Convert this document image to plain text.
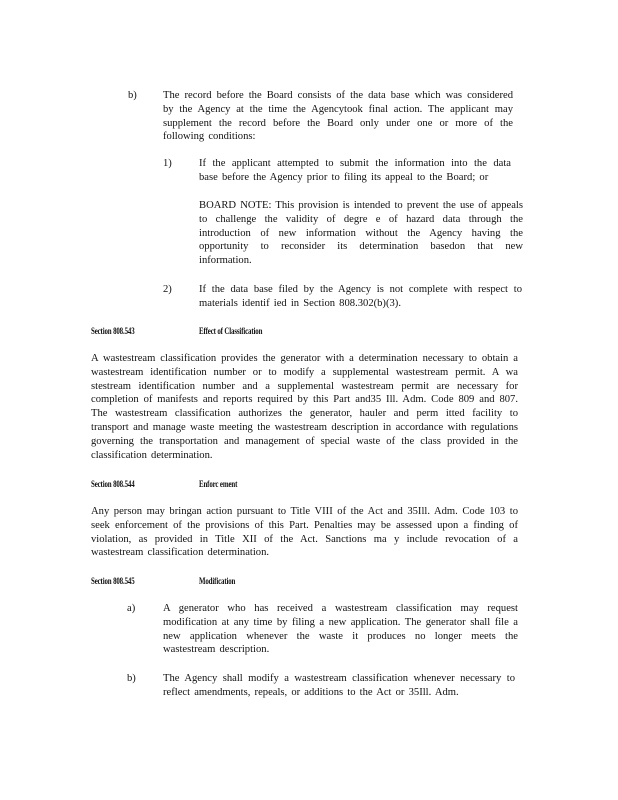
b) The record before the Board consists of the data base which was considered by the Agency at the time the Agencytook final action. The applicant may supplement the record before the Board only under one or more of the following conditions:

1)	If the applicant attempted to submit the information into the data base before the Agency prior to filing its appeal to the Board; or

BOARD NOTE: This provision is intended to prevent the use of appeals to challenge the validity of degre e of hazard data through the introduction of new information without the Agency having the opportunity to reconsider its determination basedon that new information.

2)	If the data base filed by the Agency is not complete with respect to materials identif ied in Section 808.302(b)(3).

Section 808.543	Effect of Classification

A wastestream classification provides the generator with a determination necessary to obtain a wastestream identification number or to modify a supplemental wastestream permit. A wa stestream identification number and a supplemental wastestream permit are necessary for completion of manifests and reports required by this Part and35 Ill. Adm. Code 809 and 807. The wastestream classification authorizes the generator, hauler and perm itted facility to transport and manage waste meeting the wastestream description in accordance with regulations governing the transportation and management of special waste of the class provided in the classification determination.

Section 808.544	Enforc ement

Any person may bringan action pursuant to Title VIII of the Act and 35Ill. Adm. Code 103 to seek enforcement of the provisions of this Part. Penalties may be assessed upon a finding of violation, as provided in Title XII of the Act. Sanctions ma y include revocation of a wastestream classification determination.

Section 808.545	Modification
a)	A generator who has received a wastestream classification may request modification at any time by filing a new application. The generator shall file a new application whenever the waste it produces no longer meets the wastestream description.

b)	The Agency shall modify a wastestream classification whenever necessary to reflect amendments, repeals, or additions to the Act or 35Ill. Adm.
